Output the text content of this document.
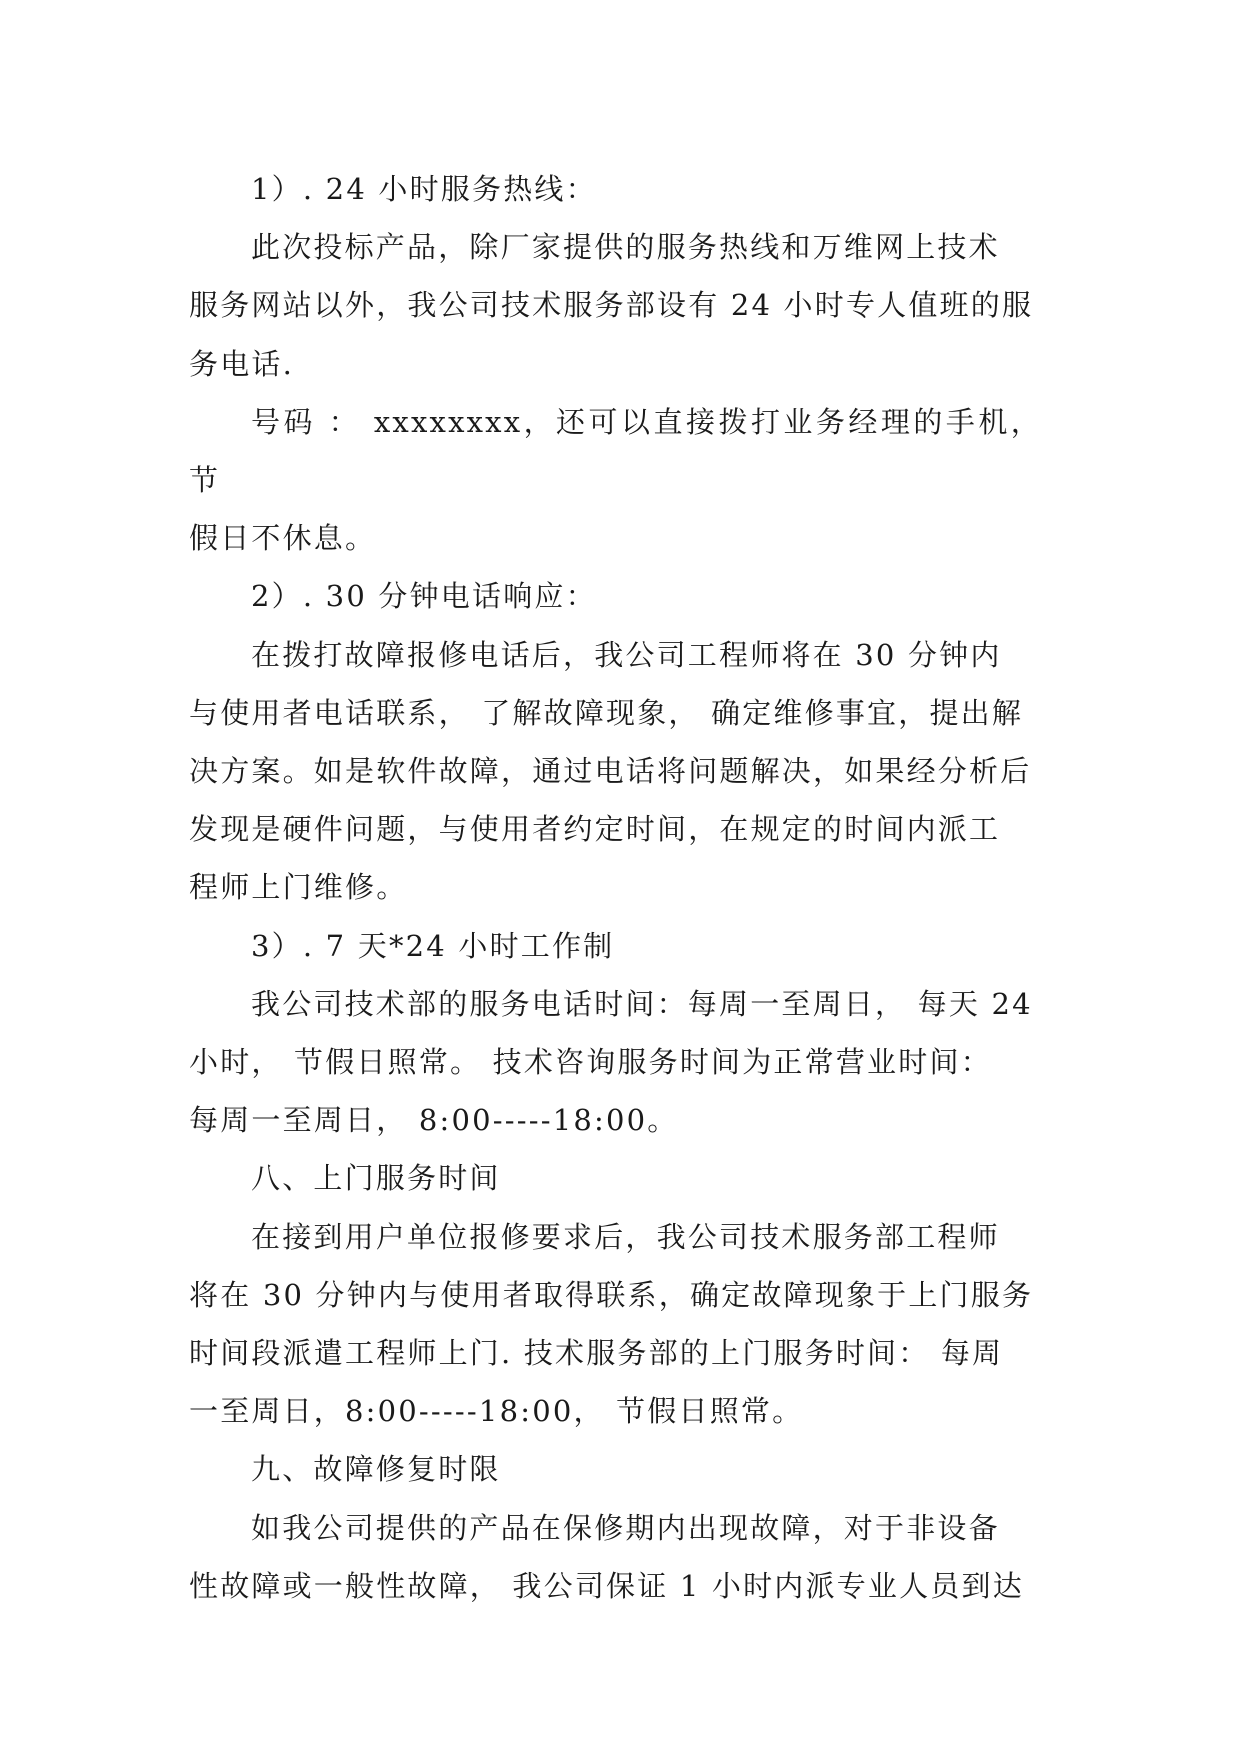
1）. 24 小时服务热线：

此次投标产品，除厂家提供的服务热线和万维网上技术
服务网站以外，我公司技术服务部设有 24 小时专人值班的服
务电话.

号码 ： xxxxxxxx，还可以直接拨打业务经理的手机，节
假日不休息。

2）. 30 分钟电话响应：

在拨打故障报修电话后，我公司工程师将在 30 分钟内
与使用者电话联系， 了解故障现象， 确定维修事宜，提出解
决方案。如是软件故障，通过电话将问题解决，如果经分析后
发现是硬件问题，与使用者约定时间，在规定的时间内派工
程师上门维修。

3）. 7 天*24 小时工作制

我公司技术部的服务电话时间：每周一至周日， 每天 24
小时， 节假日照常。 技术咨询服务时间为正常营业时间：
每周一至周日， 8:00-----18:00。

八、上门服务时间

在接到用户单位报修要求后，我公司技术服务部工程师
将在 30 分钟内与使用者取得联系，确定故障现象于上门服务
时间段派遣工程师上门. 技术服务部的上门服务时间： 每周
一至周日，8:00-----18:00， 节假日照常。

九、故障修复时限

如我公司提供的产品在保修期内出现故障，对于非设备
性故障或一般性故障， 我公司保证 1 小时内派专业人员到达
